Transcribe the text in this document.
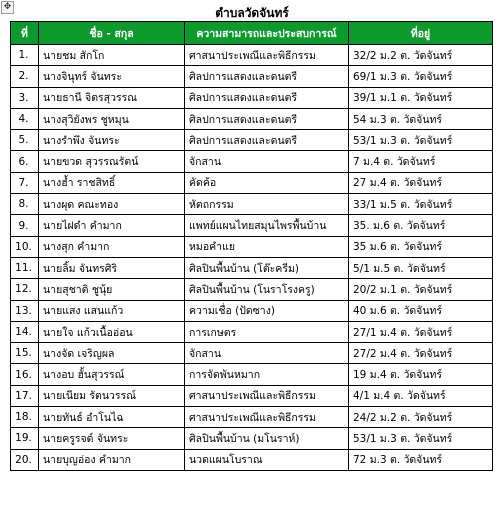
✥	ตำบลวัดจันทร์
ที่	ชื่อ - สกุล	ความสามารถและประสบการณ์	ที่อยู่
1.	นายชม สักโก	ศาสนาประเพณีและพิธีกรรม	32/2 ม.2 ต. วัดจันทร์
2.	นางจินุทร์ จันทระ	ศิลปการแสดงและดนตรี	69/1 ม.3 ต. วัดจันทร์
3.	นายธานี จิตรสุวรรณ	ศิลปการแสดงและดนตรี	39/1 ม.1 ต. วัดจันทร์
4.	นางสุวิยังพร ชูหมุน	ศิลปการแสดงและดนตรี	54 ม.3 ต. วัดจันทร์
5.	นางรำพึง จันทระ	ศิลปการแสดงและดนตรี	53/1 ม.3 ต. วัดจันทร์
6.	นายขวด สุวรรณรัตน์	จักสาน	7 ม.4 ต. วัดจันทร์
7.	นางฮ้ำ ราชสิทธิ์	คัดค้อ	27 ม.4 ต. วัดจันทร์
8.	นางผุด คณะทอง	หัตถกรรม	33/1 ม.5 ต. วัดจันทร์
9.	นายไฝดำ คำมาก	แพทย์แผนไทยสมุนไพรพื้นบ้าน	35. ม.6 ต. วัดจันทร์
10.	นางสุก คำมาก	หมอคำแย	35 ม.6 ต. วัดจันทร์
11.	นายลิ้ม จันทรศิริ	ศิลปินพื้นบ้าน (โต๊ะครีม)	5/1 ม.5 ต. วัดจันทร์
12.	นายสุชาติ ชูนุ้ย	ศิลปินพื้นบ้าน (โนราโรงครู)	20/2 ม.1 ต. วัดจันทร์
13.	นายแสง แสนแก้ว	ความเชื่อ (ปัดซาง)	40 ม.6 ต. วัดจันทร์
14.	นายใจ แก้วเนื้ออ่อน	การเกษตร	27/1 ม.4 ต. วัดจันทร์
15.	นางจัด เจริญผล	จักสาน	27/2 ม.4 ต. วัดจันทร์
16.	นางอบ ฮั้นสุวรรณ์	การจัดพันหมาก	19 ม.4 ต. วัดจันทร์
17.	นายเนียม รัตนวรรณ์	ศาสนาประเพณีและพิธีกรรม	4/1 ม.4 ต. วัดจันทร์
18.	นายทันธ์ อำโนไฉ	ศาสนาประเพณีและพิธีกรรม	24/2 ม.2 ต. วัดจันทร์
19.	นายครูรจด์ จันทระ	ศิลปินพื้นบ้าน (มโนราห์)	53/1 ม.3 ต. วัดจันทร์
20.	นายบุญอ่อง คำมาก	นวดแผนโบราณ	72 ม.3 ต. วัดจันทร์
